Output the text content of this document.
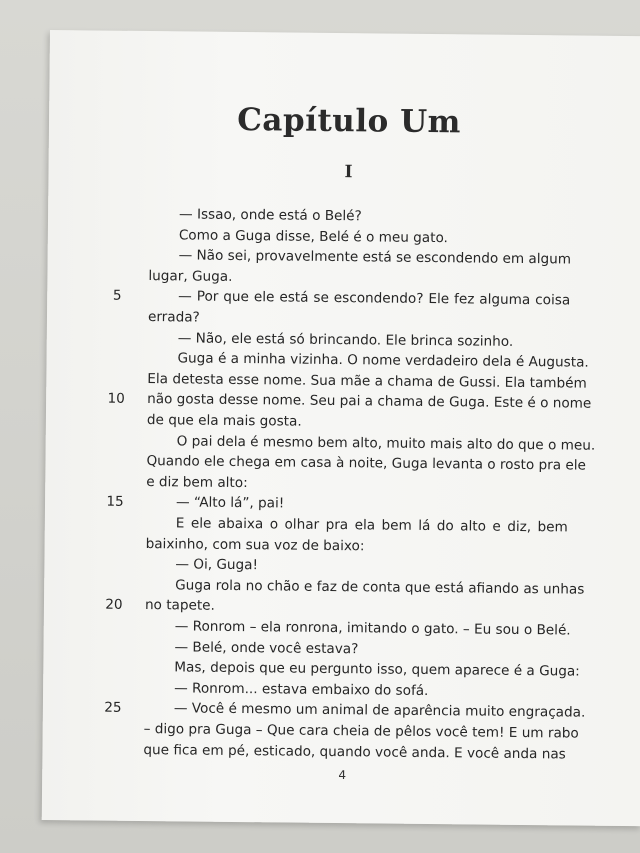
Capítulo Um
I
— Issao, onde está o Belé?
Como a Guga disse, Belé é o meu gato.
— Não sei, provavelmente está se escondendo em algum
lugar, Guga.
— Por que ele está se escondendo? Ele fez alguma coisa
errada?
— Não, ele está só brincando. Ele brinca sozinho.
Guga é a minha vizinha. O nome verdadeiro dela é Augusta.
Ela detesta esse nome. Sua mãe a chama de Gussi. Ela também
não gosta desse nome. Seu pai a chama de Guga. Este é o nome
de que ela mais gosta.
O pai dela é mesmo bem alto, muito mais alto do que o meu.
Quando ele chega em casa à noite, Guga levanta o rosto pra ele
e diz bem alto:
— “Alto lá”, pai!
E ele abaixa o olhar pra ela bem lá do alto e diz, bem
baixinho, com sua voz de baixo:
— Oi, Guga!
Guga rola no chão e faz de conta que está afiando as unhas
no tapete.
— Ronrom – ela ronrona, imitando o gato. – Eu sou o Belé.
— Belé, onde você estava?
Mas, depois que eu pergunto isso, quem aparece é a Guga:
— Ronrom... estava embaixo do sofá.
— Você é mesmo um animal de aparência muito engraçada.
– digo pra Guga – Que cara cheia de pêlos você tem! E um rabo
que fica em pé, esticado, quando você anda. E você anda nas
5
10
15
20
25
4
